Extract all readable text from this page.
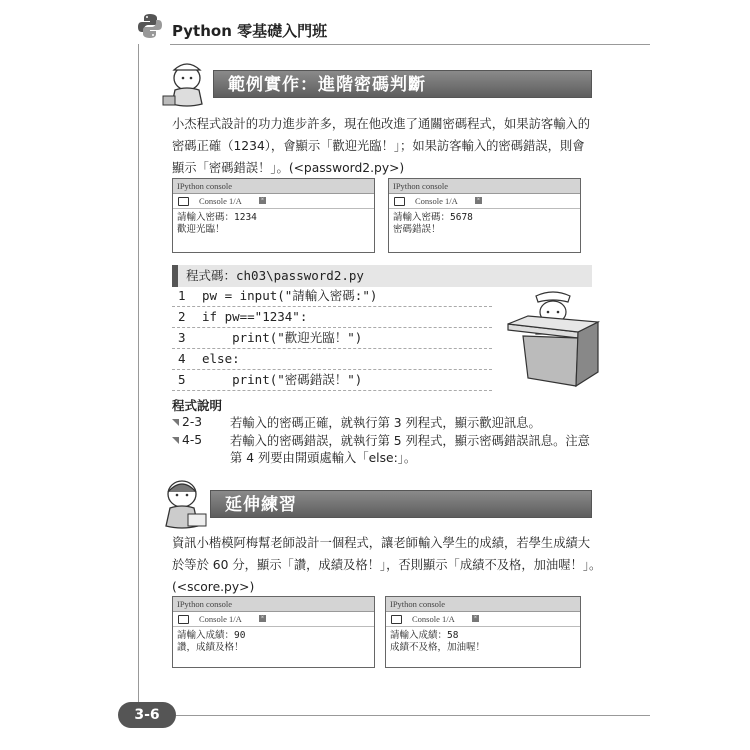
Python 零基礎入門班
範例實作：進階密碼判斷
小杰程式設計的功力進步許多，現在他改進了通關密碼程式，如果訪客輸入的
密碼正確（1234），會顯示「歡迎光臨！」；如果訪客輸入的密碼錯誤，則會
顯示「密碼錯誤！」。(<password2.py>)
IPython console
Console 1/A	×
請輸入密碼：1234
歡迎光臨！
IPython console
Console 1/A	×
請輸入密碼：5678
密碼錯誤！
程式碼：ch03\password2.py
1 pw = input("請輸入密碼:")
2 if pw=="1234":
3    print("歡迎光臨！")
4 else:
5    print("密碼錯誤！")
程式說明
2-3 若輸入的密碼正確，就執行第 3 列程式，顯示歡迎訊息。
4-5 若輸入的密碼錯誤，就執行第 5 列程式，顯示密碼錯誤訊息。注意
第 4 列要由開頭處輸入「else:」。
延伸練習
資訊小楷模阿梅幫老師設計一個程式，讓老師輸入學生的成績，若學生成績大
於等於 60 分，顯示「讚，成績及格！」，否則顯示「成績不及格，加油喔！」。
(<score.py>)
IPython console
Console 1/A	×
請輸入成績：90
讚，成績及格！
IPython console
Console 1/A	×
請輸入成績：58
成績不及格，加油喔！
3-6
